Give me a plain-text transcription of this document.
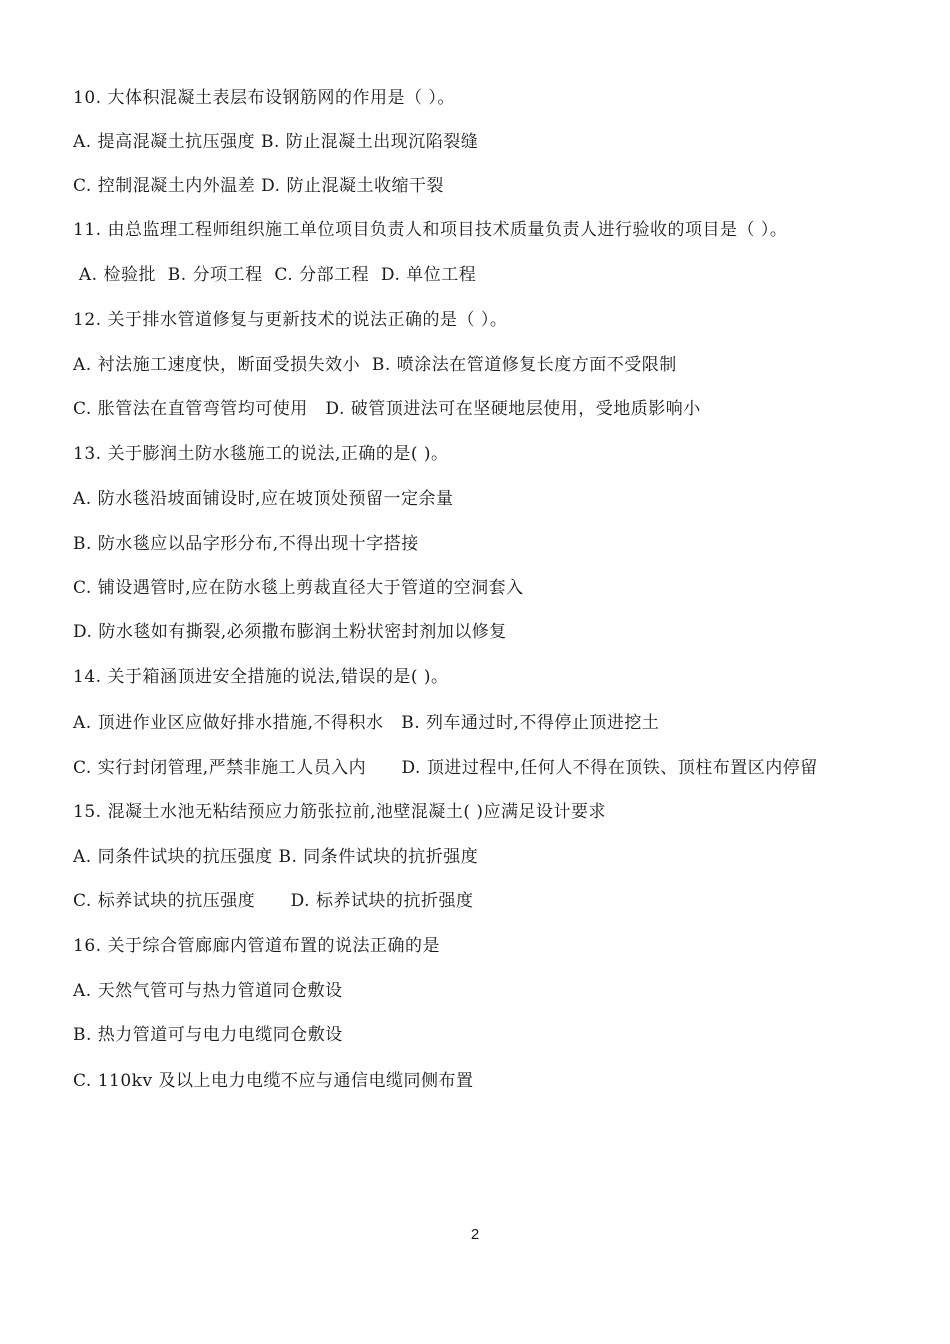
10. 大体积混凝土表层布设钢筋网的作用是（ ）。
A. 提高混凝土抗压强度 B. 防止混凝土出现沉陷裂缝
C. 控制混凝土内外温差 D. 防止混凝土收缩干裂
11. 由总监理工程师组织施工单位项目负责人和项目技术质量负责人进行验收的项目是（ ）。
A. 检验批  B. 分项工程  C. 分部工程  D. 单位工程
12. 关于排水管道修复与更新技术的说法正确的是（ ）。
A. 衬法施工速度快，断面受损失效小  B. 喷涂法在管道修复长度方面不受限制
C. 胀管法在直管弯管均可使用   D. 破管顶进法可在坚硬地层使用，受地质影响小
13. 关于膨润土防水毯施工的说法,正确的是( )。
A. 防水毯沿坡面铺设时,应在坡顶处预留一定余量
B. 防水毯应以品字形分布,不得出现十字搭接
C. 铺设遇管时,应在防水毯上剪裁直径大于管道的空洞套入
D. 防水毯如有撕裂,必须撒布膨润土粉状密封剂加以修复
14. 关于箱涵顶进安全措施的说法,错误的是( )。
A. 顶进作业区应做好排水措施,不得积水   B. 列车通过时,不得停止顶进挖土
C. 实行封闭管理,严禁非施工人员入内      D. 顶进过程中,任何人不得在顶铁、顶柱布置区内停留
15. 混凝土水池无粘结预应力筋张拉前,池壁混凝土( )应满足设计要求
A. 同条件试块的抗压强度 B. 同条件试块的抗折强度
C. 标养试块的抗压强度      D. 标养试块的抗折强度
16. 关于综合管廊廊内管道布置的说法正确的是
A. 天然气管可与热力管道同仓敷设
B. 热力管道可与电力电缆同仓敷设
C. 110kv 及以上电力电缆不应与通信电缆同侧布置
2
